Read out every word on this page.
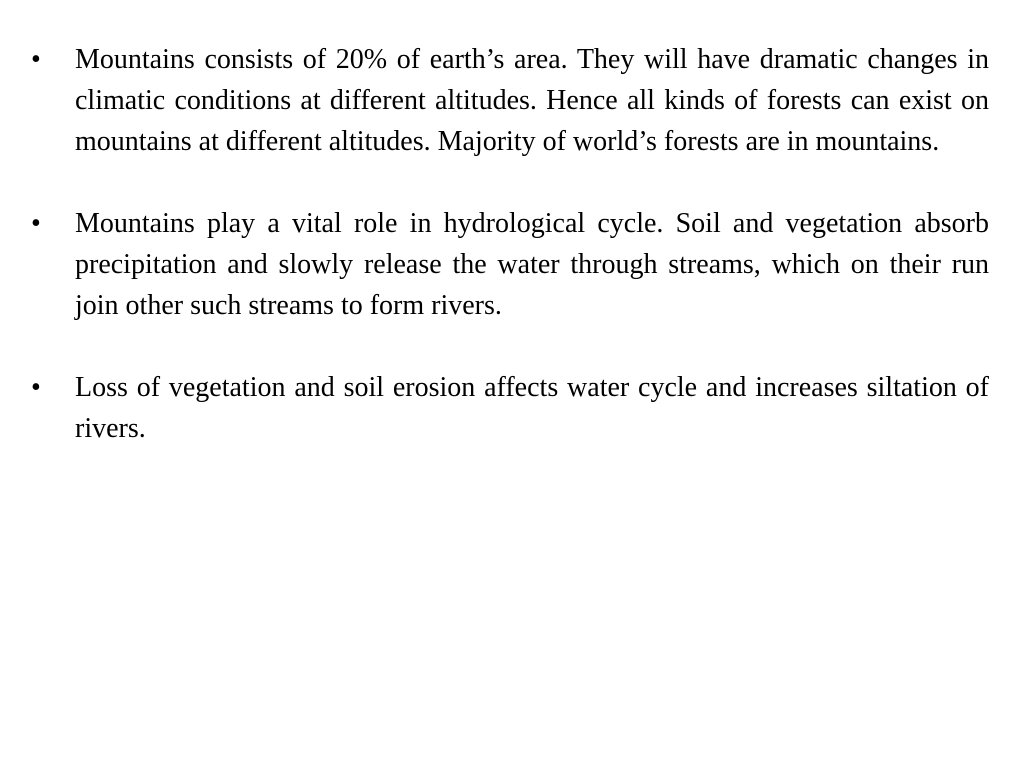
• Mountains consists of 20% of earth’s area. They will have dramatic changes in climatic conditions at different altitudes. Hence all kinds of forests can exist on mountains at different altitudes. Majority of world’s forests are in mountains.
• Mountains play a vital role in hydrological cycle. Soil and vegetation absorb precipitation and slowly release the water through streams, which on their run join other such streams to form rivers.
• Loss of vegetation and soil erosion affects water cycle and increases siltation of rivers.
